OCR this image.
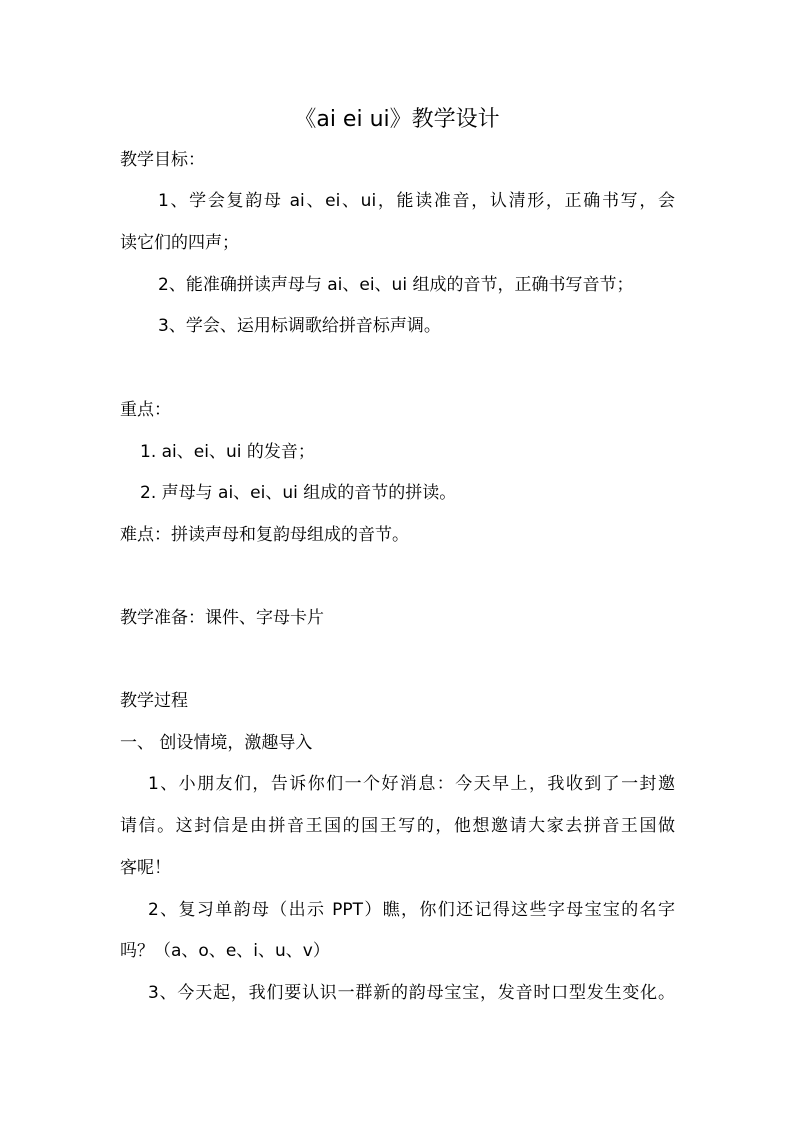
《ai ei ui》教学设计
教学目标：
1、学会复韵母 ai、ei、ui，能读准音，认清形，正确书写，会
读它们的四声；
2、能准确拼读声母与 ai、ei、ui 组成的音节，正确书写音节；
3、学会、运用标调歌给拼音标声调。
重点：
1. ai、ei、ui 的发音；
2. 声母与 ai、ei、ui 组成的音节的拼读。
难点：拼读声母和复韵母组成的音节。
教学准备：课件、字母卡片
教学过程
一、 创设情境，激趣导入
1、小朋友们，告诉你们一个好消息：今天早上，我收到了一封邀
请信。这封信是由拼音王国的国王写的，他想邀请大家去拼音王国做
客呢！
2、复习单韵母（出示 PPT）瞧，你们还记得这些字母宝宝的名字
吗？（a、o、e、i、u、v）
3、今天起，我们要认识一群新的韵母宝宝，发音时口型发生变化。
